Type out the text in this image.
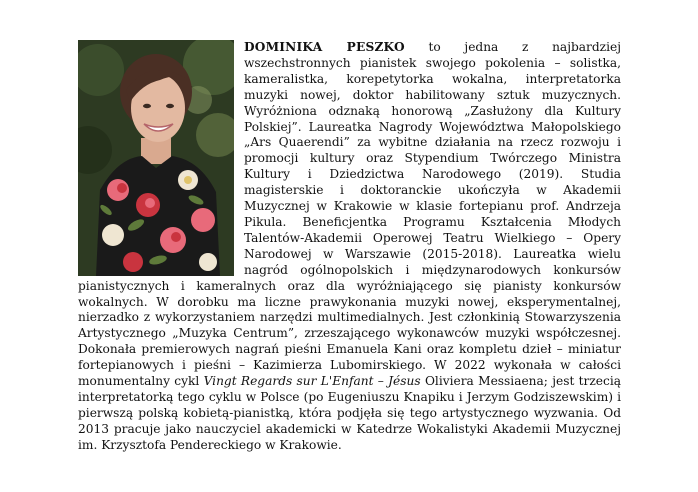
DOMINIKA PESZKO to jedna z najbardziej wszechstronnych pianistek swojego pokolenia – solistka, kameralistka, korepetytorka wokalna, interpretatorka muzyki nowej, doktor habilitowany sztuk muzycznych. Wyróżniona odznaką honorową „Zasłużony dla Kultury Polskiej”. Laureatka Nagrody Województwa Małopolskiego „Ars Quaerendi” za wybitne działania na rzecz rozwoju i promocji kultury oraz Stypendium Twórczego Ministra Kultury i Dziedzictwa Narodowego (2019). Studia magisterskie i doktoranckie ukończyła w Akademii Muzycznej w Krakowie w klasie fortepianu prof. Andrzeja Pikula. Beneficjentka Programu Kształcenia Młodych Talentów-Akademii Operowej Teatru Wielkiego – Opery Narodowej w Warszawie (2015-2018). Laureatka wielu nagród ogólnopolskich i międzynarodowych konkursów pianistycznych i kameralnych oraz dla wyróżniającego się pianisty konkursów wokalnych. W dorobku ma liczne prawykonania muzyki nowej, eksperymentalnej, nierzadko z wykorzystaniem narzędzi multimedialnych. Jest członkinią Stowarzyszenia Artystycznego „Muzyka Centrum”, zrzeszającego wykonawców muzyki współczesnej. Dokonała premierowych nagrań pieśni Emanuela Kani oraz kompletu dzieł – miniatur fortepianowych i pieśni – Kazimierza Lubomirskiego. W 2022 wykonała w całości monumentalny cykl Vingt Regards sur L'Enfant – Jésus Oliviera Messiaena; jest trzecią interpretatorką tego cyklu w Polsce (po Eugeniuszu Knapiku i Jerzym Godziszewskim) i pierwszą polską kobietą-pianistką, która podjęła się tego artystycznego wyzwania. Od 2013 pracuje jako nauczyciel akademicki w Katedrze Wokalistyki Akademii Muzycznej im. Krzysztofa Pendereckiego w Krakowie.
